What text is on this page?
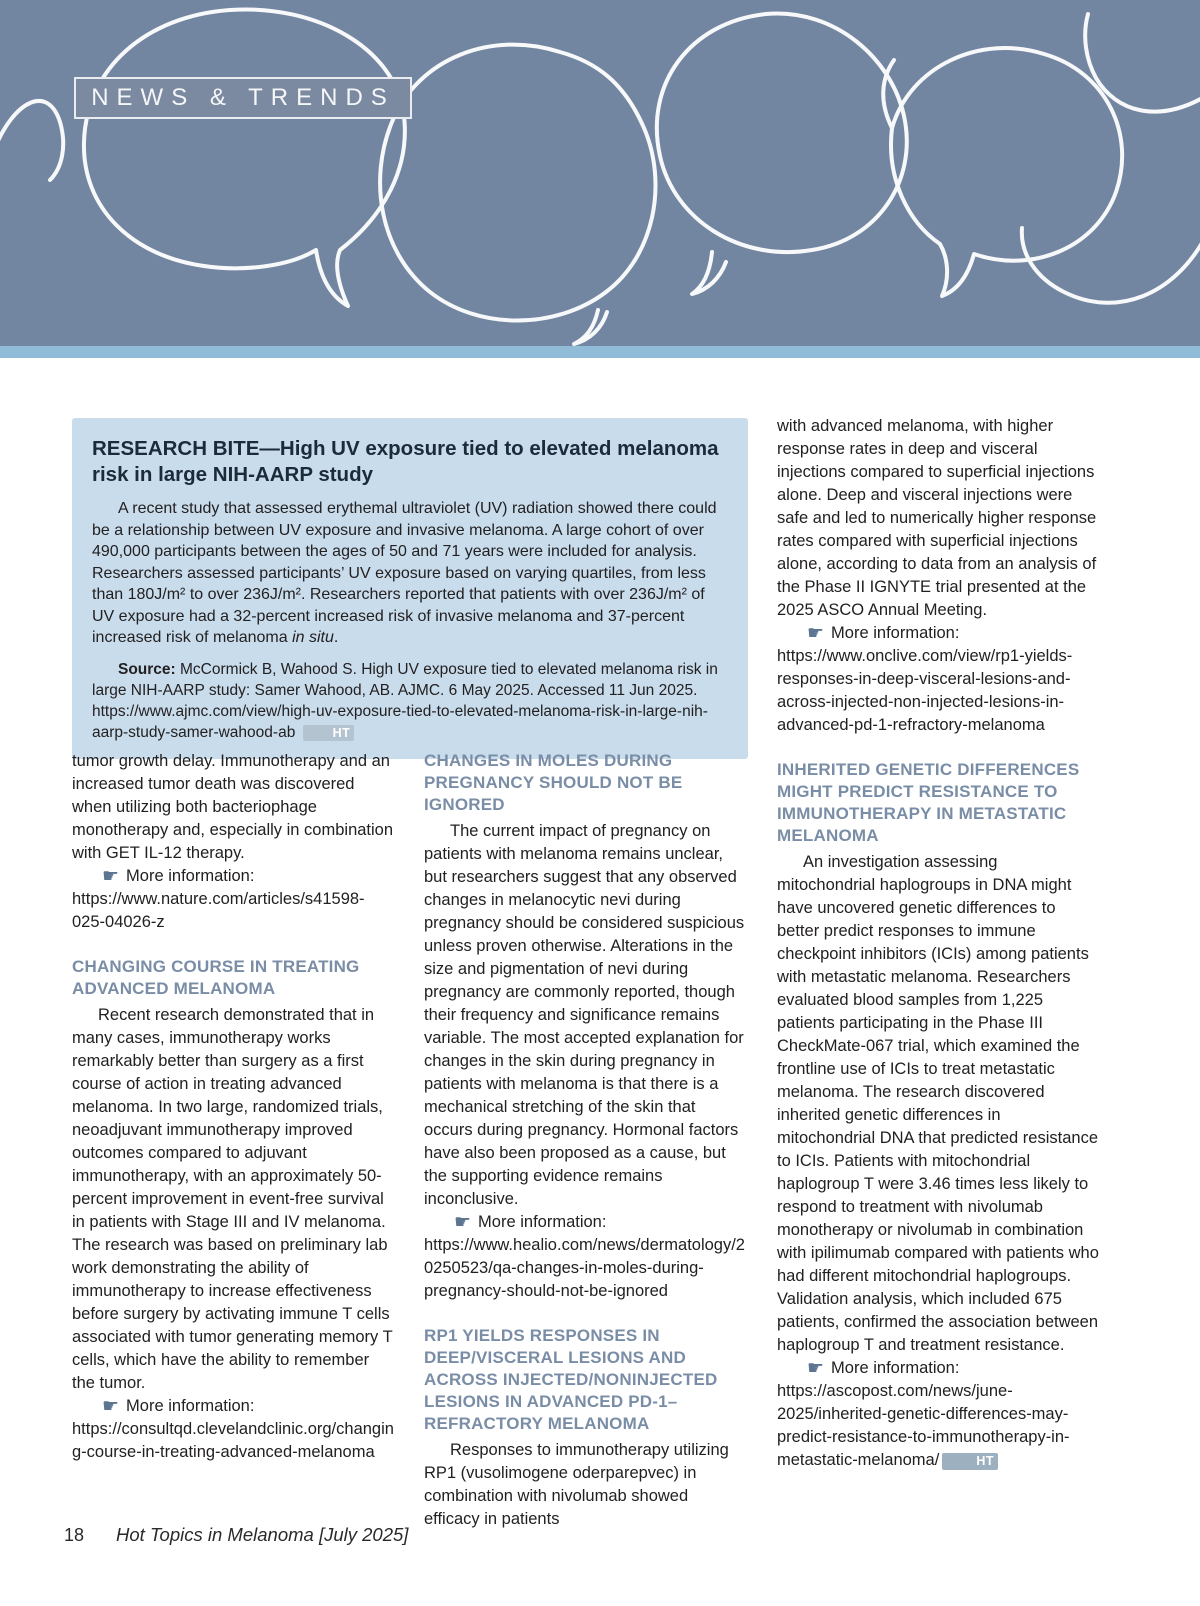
NEWS & TRENDS
RESEARCH BITE—High UV exposure tied to elevated melanoma risk in large NIH-AARP study

A recent study that assessed erythemal ultraviolet (UV) radiation showed there could be a relationship between UV exposure and invasive melanoma. A large cohort of over 490,000 participants between the ages of 50 and 71 years were included for analysis. Researchers assessed participants’ UV exposure based on varying quartiles, from less than 180J/m² to over 236J/m². Researchers reported that patients with over 236J/m² of UV exposure had a 32-percent increased risk of invasive melanoma and 37-percent increased risk of melanoma in situ.

Source: McCormick B, Wahood S. High UV exposure tied to elevated melanoma risk in large NIH-AARP study: Samer Wahood, AB. AJMC. 6 May 2025. Accessed 11 Jun 2025. https://www.ajmc.com/view/high-uv-exposure-tied-to-elevated-melanoma-risk-in-large-nih-aarp-study-samer-wahood-ab	HT

tumor growth delay. Immunotherapy and an increased tumor death was discovered when utilizing both bacteriophage monotherapy and, especially in combination with GET IL-12 therapy.

☛ More information: https://www.nature.com/articles/s41598-025-04026-z

CHANGING COURSE IN TREATING ADVANCED MELANOMA

Recent research demonstrated that in many cases, immunotherapy works remarkably better than surgery as a first course of action in treating advanced melanoma. In two large, randomized trials, neoadjuvant immunotherapy improved outcomes compared to adjuvant immunotherapy, with an approximately 50-percent improvement in event-free survival in patients with Stage III and IV melanoma. The research was based on preliminary lab work demonstrating the ability of immunotherapy to increase effectiveness before surgery by activating immune T cells associated with tumor generating memory T cells, which have the ability to remember the tumor.

☛ More information: https://consultqd.clevelandclinic.org/changing-course-in-treating-advanced-melanoma

CHANGES IN MOLES DURING PREGNANCY SHOULD NOT BE IGNORED

The current impact of pregnancy on patients with melanoma remains unclear, but researchers suggest that any observed changes in melanocytic nevi during pregnancy should be considered suspicious unless proven otherwise. Alterations in the size and pigmentation of nevi during pregnancy are commonly reported, though their frequency and significance remains variable. The most accepted explanation for changes in the skin during pregnancy in patients with melanoma is that there is a mechanical stretching of the skin that occurs during pregnancy. Hormonal factors have also been proposed as a cause, but the supporting evidence remains inconclusive.

☛ More information: https://www.healio.com/news/dermatology/20250523/qa-changes-in-moles-during-pregnancy-should-not-be-ignored

RP1 YIELDS RESPONSES IN DEEP/VISCERAL LESIONS AND ACROSS INJECTED/NONINJECTED LESIONS IN ADVANCED PD-1–REFRACTORY MELANOMA

Responses to immunotherapy utilizing RP1 (vusolimogene oderparepvec) in combination with nivolumab showed efficacy in patients

with advanced melanoma, with higher response rates in deep and visceral injections compared to superficial injections alone. Deep and visceral injections were safe and led to numerically higher response rates compared with superficial injections alone, according to data from an analysis of the Phase II IGNYTE trial presented at the 2025 ASCO Annual Meeting.

☛ More information: https://www.onclive.com/view/rp1-yields-responses-in-deep-visceral-lesions-and-across-injected-non-injected-lesions-in-advanced-pd-1-refractory-melanoma

INHERITED GENETIC DIFFERENCES MIGHT PREDICT RESISTANCE TO IMMUNOTHERAPY IN METASTATIC MELANOMA

An investigation assessing mitochondrial haplogroups in DNA might have uncovered genetic differences to better predict responses to immune checkpoint inhibitors (ICIs) among patients with metastatic melanoma. Researchers evaluated blood samples from 1,225 patients participating in the Phase III CheckMate-067 trial, which examined the frontline use of ICIs to treat metastatic melanoma. The research discovered inherited genetic differences in mitochondrial DNA that predicted resistance to ICIs. Patients with mitochondrial haplogroup T were 3.46 times less likely to respond to treatment with nivolumab monotherapy or nivolumab in combination with ipilimumab compared with patients who had different mitochondrial haplogroups. Validation analysis, which included 675 patients, confirmed the association between haplogroup T and treatment resistance.

☛ More information: https://ascopost.com/news/june-2025/inherited-genetic-differences-may-predict-resistance-to-immunotherapy-in-metastatic-melanoma/	HT

18 Hot Topics in Melanoma [July 2025]
